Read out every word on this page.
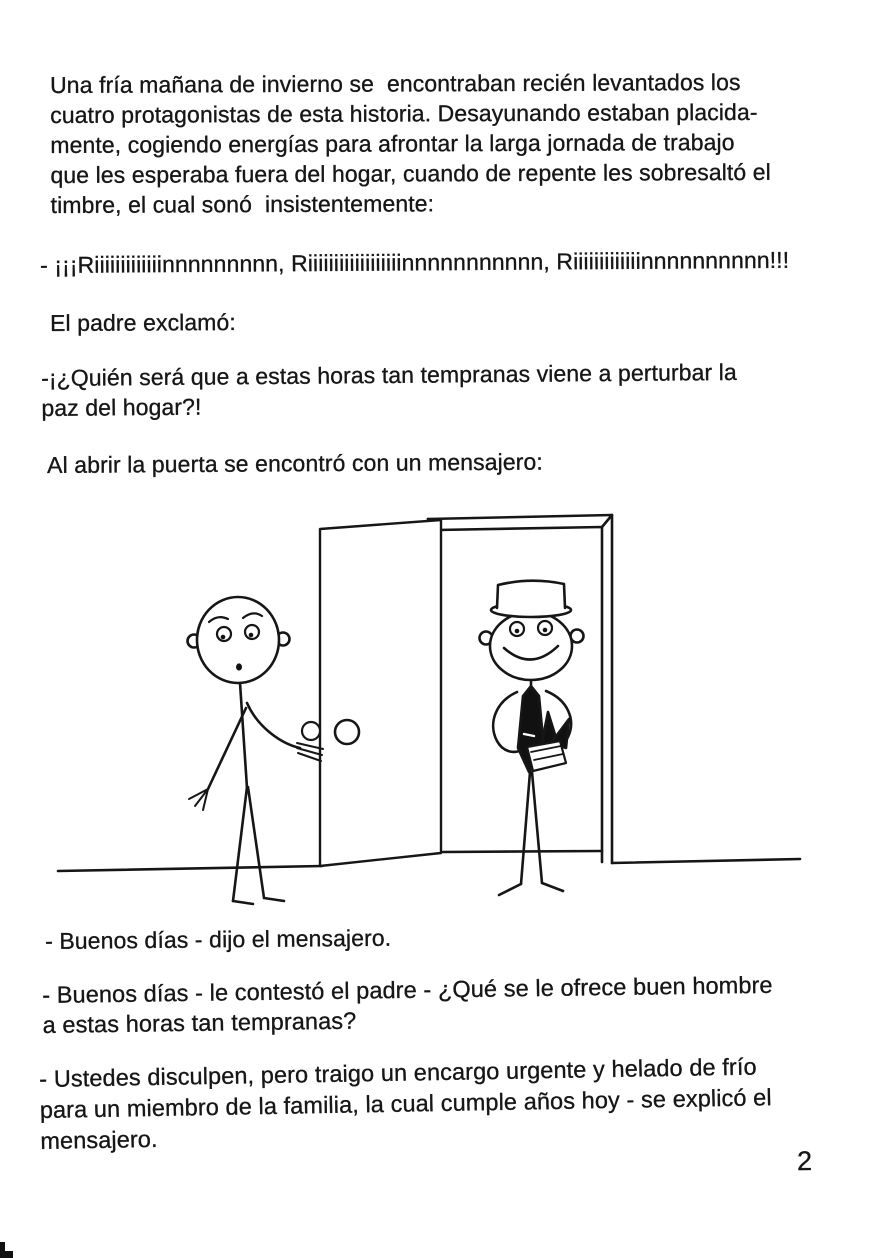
Una fría mañana de invierno se  encontraban recién levantados los
cuatro protagonistas de esta historia. Desayunando estaban placida-
mente, cogiendo energías para afrontar la larga jornada de trabajo
que les esperaba fuera del hogar, cuando de repente les sobresaltó el
timbre, el cual sonó  insistentemente:
- ¡¡¡Riiiiiiiiiiiiinnnnnnnnn, Riiiiiiiiiiiiiiiiiinnnnnnnnnnn, Riiiiiiiiiiiiinnnnnnnnnn!!!
El padre exclamó:
-¡¿Quién será que a estas horas tan tempranas viene a perturbar la
paz del hogar?!
Al abrir la puerta se encontró con un mensajero:
- Buenos días - dijo el mensajero.
- Buenos días - le contestó el padre - ¿Qué se le ofrece buen hombre
a estas horas tan tempranas?
- Ustedes disculpen, pero traigo un encargo urgente y helado de frío
para un miembro de la familia, la cual cumple años hoy - se explicó el
mensajero.
2
